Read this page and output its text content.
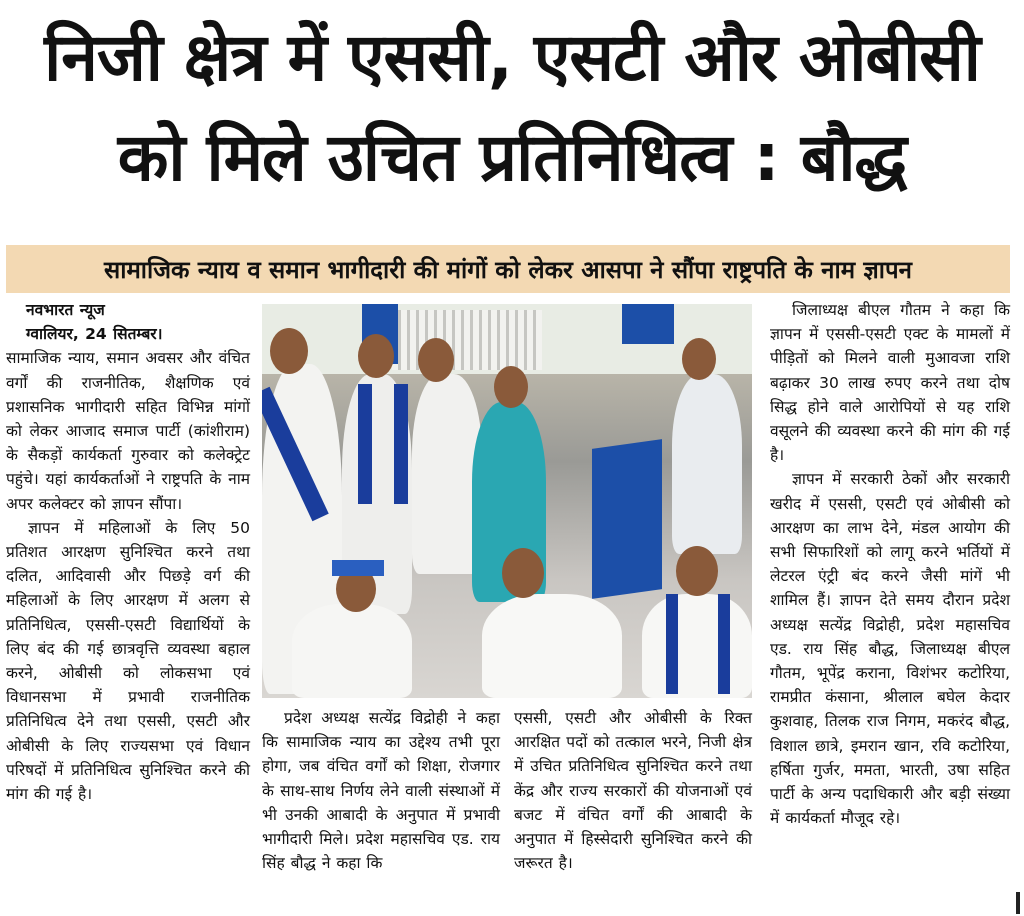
निजी क्षेत्र में एससी, एसटी और ओबीसी
को मिले उचित प्रतिनिधित्व : बौद्ध
सामाजिक न्याय व समान भागीदारी की मांगों को लेकर आसपा ने सौंपा राष्ट्रपति के नाम ज्ञापन

नवभारत न्यूज

ग्वालियर, 24 सितम्बर।

सामाजिक न्याय, समान अवसर और वंचित वर्गों की राजनीतिक, शैक्षणिक एवं प्रशासनिक भागीदारी सहित विभिन्न मांगों को लेकर आजाद समाज पार्टी (कांशीराम) के सैकड़ों कार्यकर्ता गुरुवार को कलेक्ट्रेट पहुंचे। यहां कार्यकर्ताओं ने राष्ट्रपति के नाम अपर कलेक्टर को ज्ञापन सौंपा।

ज्ञापन में महिलाओं के लिए 50 प्रतिशत आरक्षण सुनिश्चित करने तथा दलित, आदिवासी और पिछड़े वर्ग की महिलाओं के लिए आरक्षण में अलग से प्रतिनिधित्व, एससी-एसटी विद्यार्थियों के लिए बंद की गई छात्रवृत्ति व्यवस्था बहाल करने, ओबीसी को लोकसभा एवं विधानसभा में प्रभावी राजनीतिक प्रतिनिधित्व देने तथा एससी, एसटी और ओबीसी के लिए राज्यसभा एवं विधान परिषदों में प्रतिनिधित्व सुनिश्चित करने की मांग की गई है।

प्रदेश अध्यक्ष सत्येंद्र विद्रोही ने कहा कि सामाजिक न्याय का उद्देश्य तभी पूरा होगा, जब वंचित वर्गों को शिक्षा, रोजगार के साथ-साथ निर्णय लेने वाली संस्थाओं में भी उनकी आबादी के अनुपात में प्रभावी भागीदारी मिले। प्रदेश महासचिव एड. राय सिंह बौद्ध ने कहा कि

एससी, एसटी और ओबीसी के रिक्त आरक्षित पदों को तत्काल भरने, निजी क्षेत्र में उचित प्रतिनिधित्व सुनिश्चित करने तथा केंद्र और राज्य सरकारों की योजनाओं एवं बजट में वंचित वर्गों की आबादी के अनुपात में हिस्सेदारी सुनिश्चित करने की जरूरत है।

जिलाध्यक्ष बीएल गौतम ने कहा कि ज्ञापन में एससी-एसटी एक्ट के मामलों में पीड़ितों को मिलने वाली मुआवजा राशि बढ़ाकर 30 लाख रुपए करने तथा दोष सिद्ध होने वाले आरोपियों से यह राशि वसूलने की व्यवस्था करने की मांग की गई है।

ज्ञापन में सरकारी ठेकों और सरकारी खरीद में एससी, एसटी एवं ओबीसी को आरक्षण का लाभ देने, मंडल आयोग की सभी सिफारिशों को लागू करने भर्तियों में लेटरल एंट्री बंद करने जैसी मांगें भी शामिल हैं। ज्ञापन देते समय दौरान प्रदेश अध्यक्ष सत्येंद्र विद्रोही, प्रदेश महासचिव एड. राय सिंह बौद्ध, जिलाध्यक्ष बीएल गौतम, भूपेंद्र कराना, विशंभर कटोरिया, रामप्रीत कंसाना, श्रीलाल बघेल केदार कुशवाह, तिलक राज निगम, मकरंद बौद्ध, विशाल छात्रे, इमरान खान, रवि कटोरिया, हर्षिता गुर्जर, ममता, भारती, उषा सहित पार्टी के अन्य पदाधिकारी और बड़ी संख्या में कार्यकर्ता मौजूद रहे।
